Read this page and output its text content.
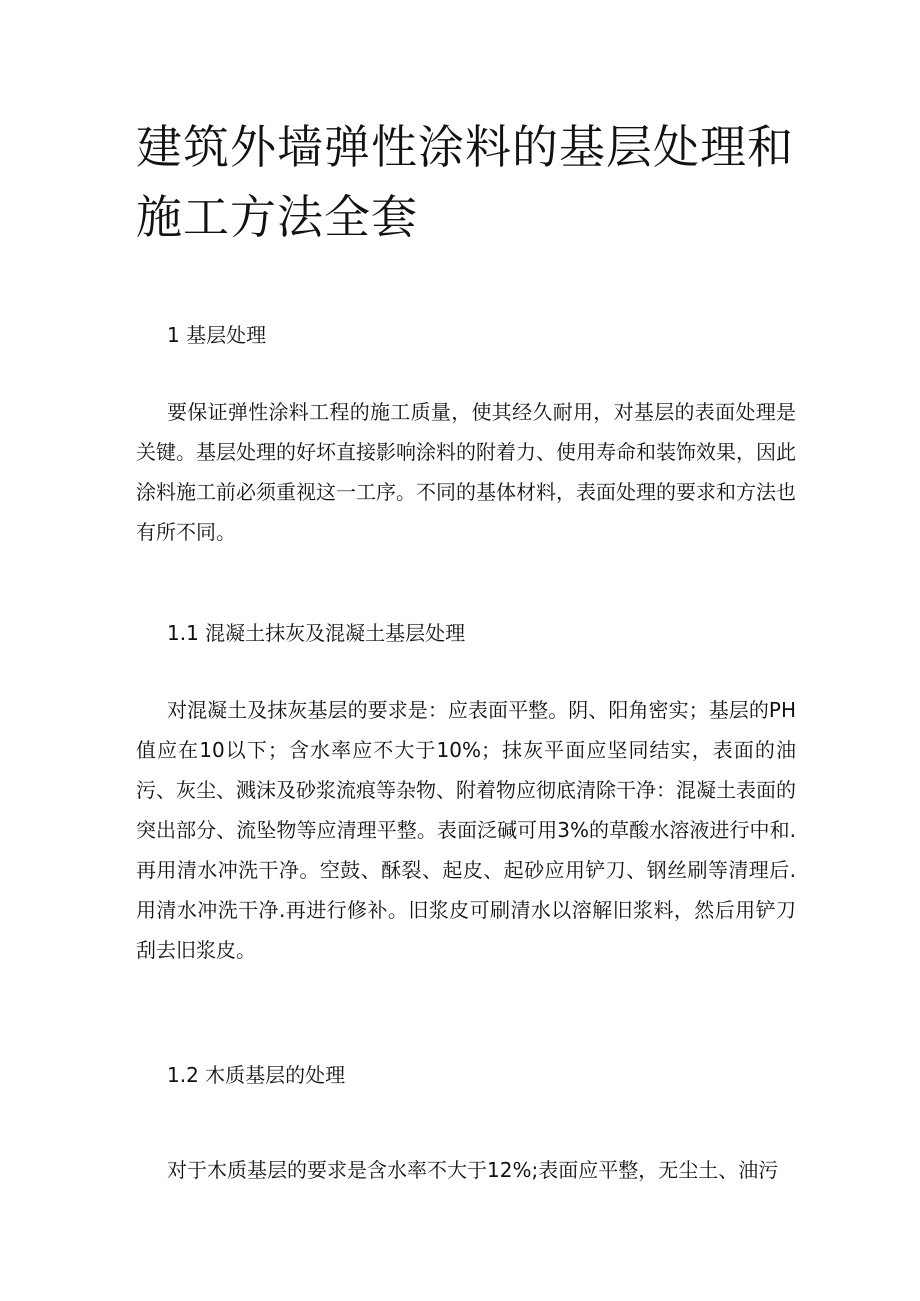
建筑外墙弹性涂料的基层处理和施工方法全套
1 基层处理

要保证弹性涂料工程的施工质量，使其经久耐用，对基层的表面处理是关键。基层处理的好坏直接影响涂料的附着力、使用寿命和装饰效果，因此涂料施工前必须重视这一工序。不同的基体材料，表面处理的要求和方法也有所不同。

1.1 混凝土抹灰及混凝土基层处理

对混凝土及抹灰基层的要求是：应表面平整。阴、阳角密实；基层的PH值应在10以下；含水率应不大于10%；抹灰平面应坚同结实，表面的油污、灰尘、溅沫及砂浆流痕等杂物、附着物应彻底清除干净：混凝土表面的突出部分、流坠物等应清理平整。表面泛碱可用3%的草酸水溶液进行中和.再用清水冲洗干净。空鼓、酥裂、起皮、起砂应用铲刀、钢丝刷等清理后.用清水冲洗干净.再进行修补。旧浆皮可刷清水以溶解旧浆料，然后用铲刀刮去旧浆皮。

1.2 木质基层的处理

对于木质基层的要求是含水率不大于12%;表面应平整，无尘土、油污
